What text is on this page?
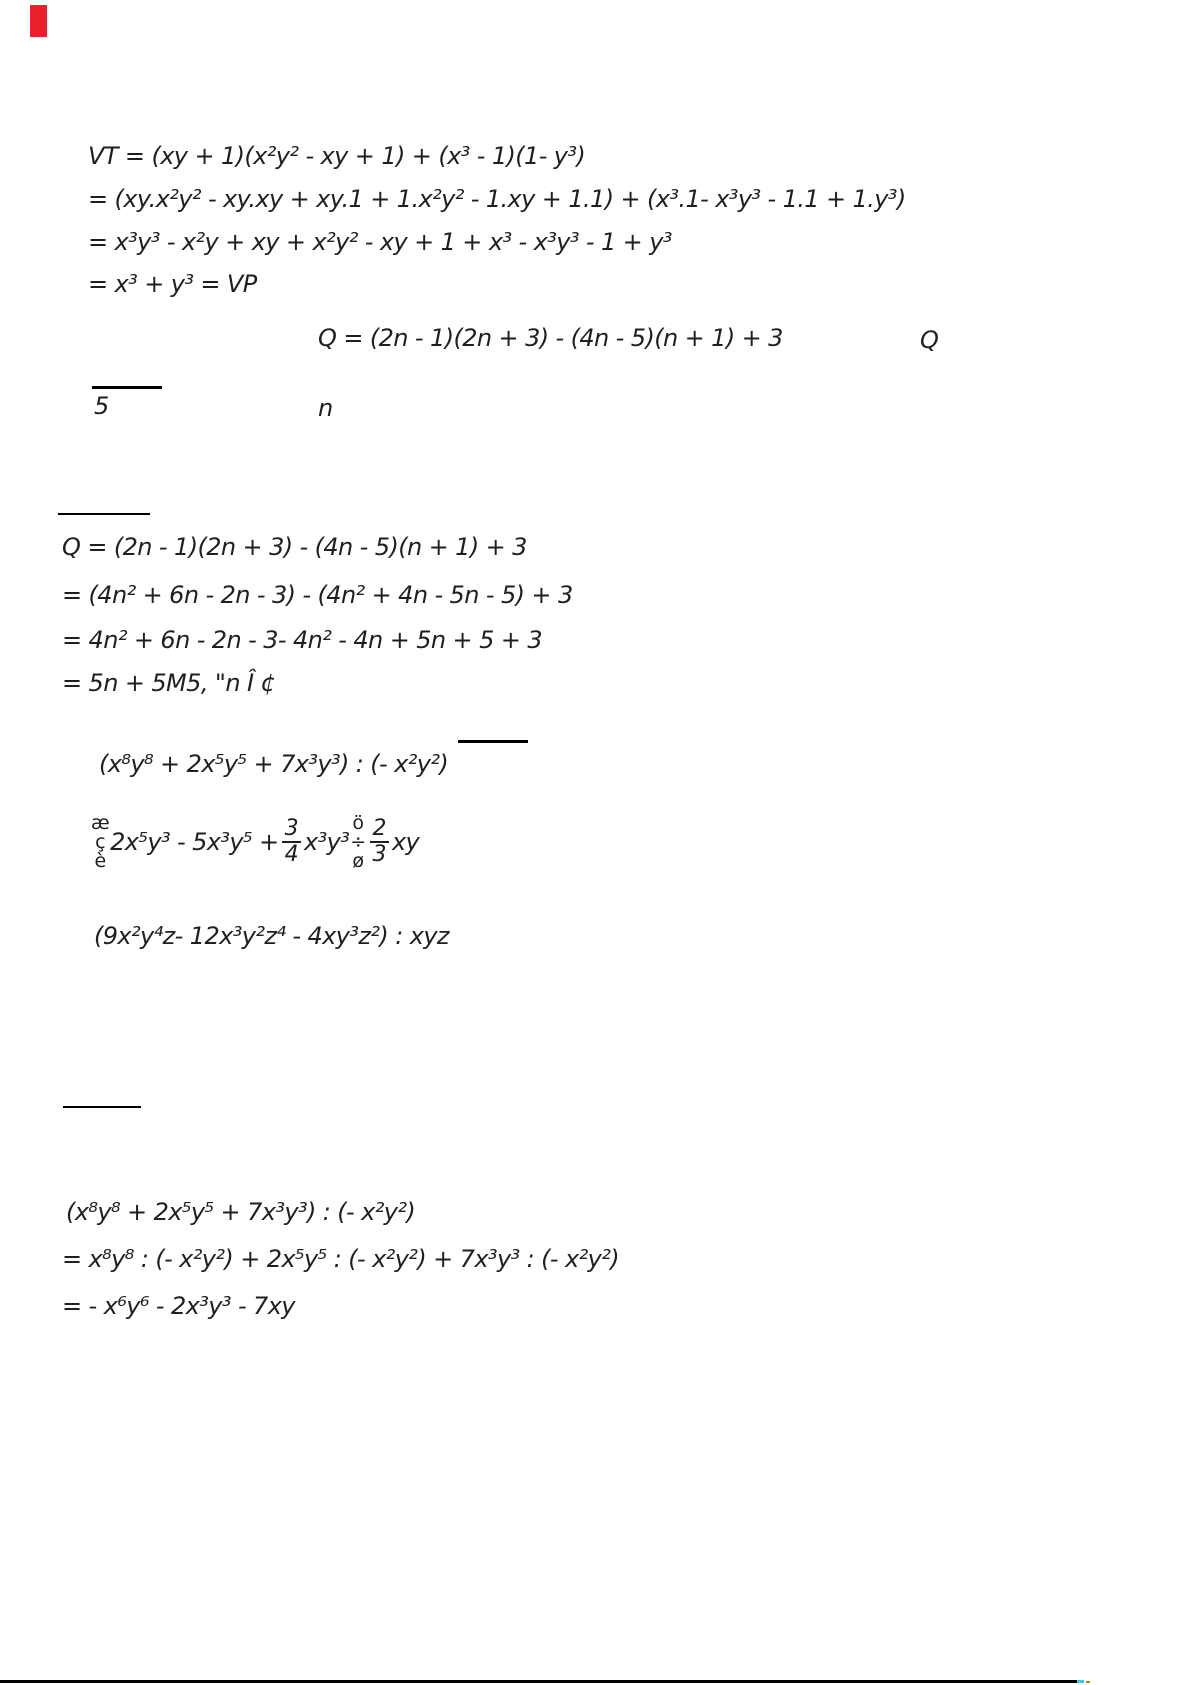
VT = (xy + 1)(x²y² - xy + 1) + (x³ - 1)(1- y³)
= (xy.x²y² - xy.xy + xy.1 + 1.x²y² - 1.xy + 1.1) + (x³.1- x³y³ - 1.1 + 1.y³)
= x³y³ - x²y + xy + x²y² - xy + 1 + x³ - x³y³ - 1 + y³
= x³ + y³ = VP
Q = (2n - 1)(2n + 3) - (4n - 5)(n + 1) + 3	Q
5	n
Q = (2n - 1)(2n + 3) - (4n - 5)(n + 1) + 3
= (4n² + 6n - 2n - 3) - (4n² + 4n - 5n - 5) + 3
= 4n² + 6n - 2n - 3- 4n² - 4n + 5n + 5 + 3
= 5n + 5M5, "n Î ¢
(x⁸y⁸ + 2x⁵y⁵ + 7x³y³) : (- x²y²)
æ
ç
è
$2x^5y^3 - 5x^3y^5 + \frac{3}{4} x^3y^3$
ö
÷
ø $\frac{2}{3}$ xy
(9x²y⁴z- 12x³y²z⁴ - 4xy³z²) : xyz
(x⁸y⁸ + 2x⁵y⁵ + 7x³y³) : (- x²y²)
= x⁸y⁸ : (- x²y²) + 2x⁵y⁵ : (- x²y²) + 7x³y³ : (- x²y²)
= - x⁶y⁶ - 2x³y³ - 7xy
